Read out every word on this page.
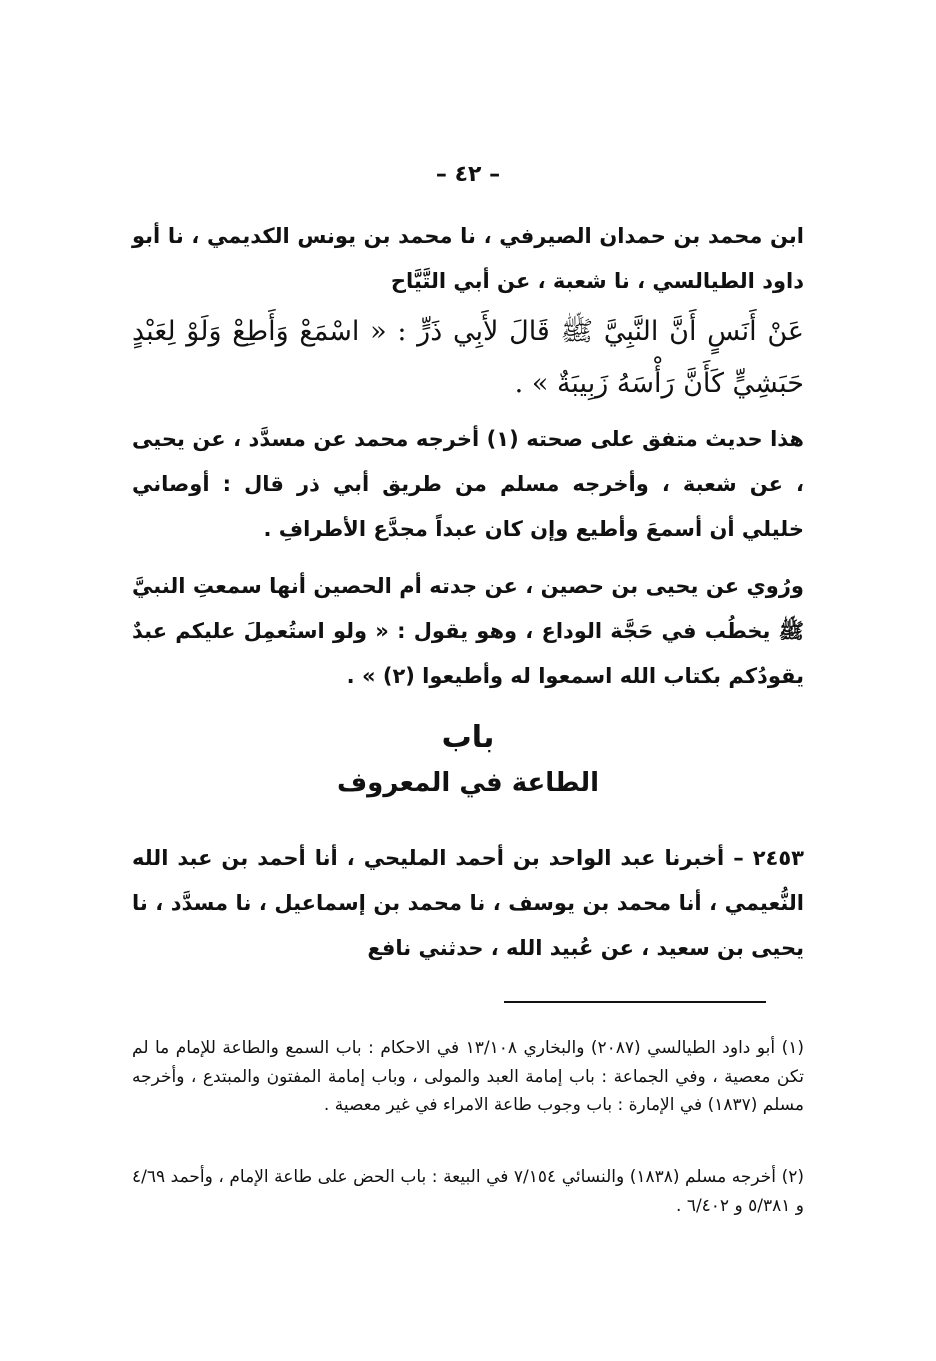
– ٤٢ –
ابن محمد بن حمدان الصيرفي ، نا محمد بن يونس الكديمي ، نا أبو داود الطيالسي ، نا شعبة ، عن أبي التَّيَّاح
عَنْ أَنَسٍ أَنَّ النَّبِيَّ ﷺ قَالَ لأَبِي ذَرٍّ : « اسْمَعْ وَأَطِعْ وَلَوْ لِعَبْدٍ حَبَشِيٍّ كَأَنَّ رَأْسَهُ زَبِيبَةٌ » .
هذا حديث متفق على صحته (١) أخرجه محمد عن مسدَّد ، عن يحيى ، عن شعبة ، وأخرجه مسلم من طريق أبي ذر قال : أوصاني خليلي أن أسمعَ وأطيع وإن كان عبداً مجدَّع الأطرافِ .
ورُوي عن يحيى بن حصين ، عن جدته أم الحصين أنها سمعتِ النبيَّ ﷺ يخطُب في حَجَّة الوداع ، وهو يقول : « ولو استُعمِلَ عليكم عبدٌ يقودُكم بكتاب الله اسمعوا له وأطيعوا (٢) » .
باب
الطاعة في المعروف
٢٤٥٣ – أخبرنا عبد الواحد بن أحمد المليحي ، أنا أحمد بن عبد الله النُّعيمي ، أنا محمد بن يوسف ، نا محمد بن إسماعيل ، نا مسدَّد ، نا يحيى بن سعيد ، عن عُبيد الله ، حدثني نافع
(١) أبو داود الطيالسي (٢٠٨٧) والبخاري ١٣/١٠٨ في الاحكام : باب السمع والطاعة للإمام ما لم تكن معصية ، وفي الجماعة : باب إمامة العبد والمولى ، وباب إمامة المفتون والمبتدع ، وأخرجه مسلم (١٨٣٧) في الإمارة : باب وجوب طاعة الامراء في غير معصية .
(٢) أخرجه مسلم (١٨٣٨) والنسائي ٧/١٥٤ في البيعة : باب الحض على طاعة الإمام ، وأحمد ٤/٦٩ و ٥/٣٨١ و ٦/٤٠٢ .
